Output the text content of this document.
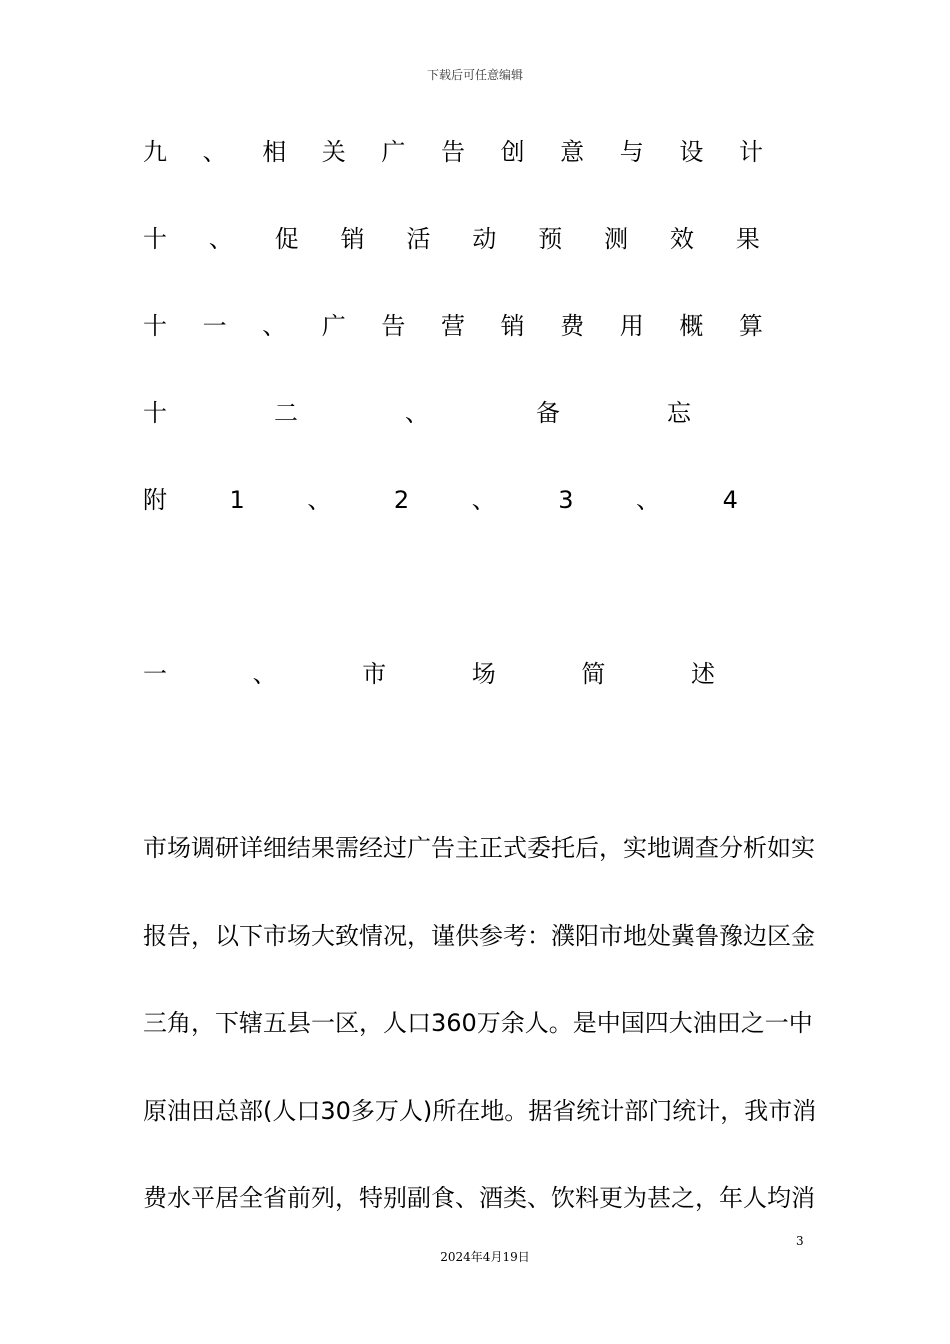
下载后可任意编辑
九 、 相 关 广 告 创 意 与 设 计
十 、 促 销 活 动 预 测 效 果
十 一 、 广 告 营 销 费 用 概 算
十	二	、	备	忘
附	1	、	2	、	3	、	4
一	、	市	场	简	述
市场调研详细结果需经过广告主正式委托后，实地调查分析如实
报告，以下市场大致情况，谨供参考：濮阳市地处冀鲁豫边区金
三角，下辖五县一区，人口360万余人。是中国四大油田之一中
原油田总部(人口30多万人)所在地。据省统计部门统计，我市消
费水平居全省前列，特别副食、酒类、饮料更为甚之，年人均消
3
2024年4月19日
